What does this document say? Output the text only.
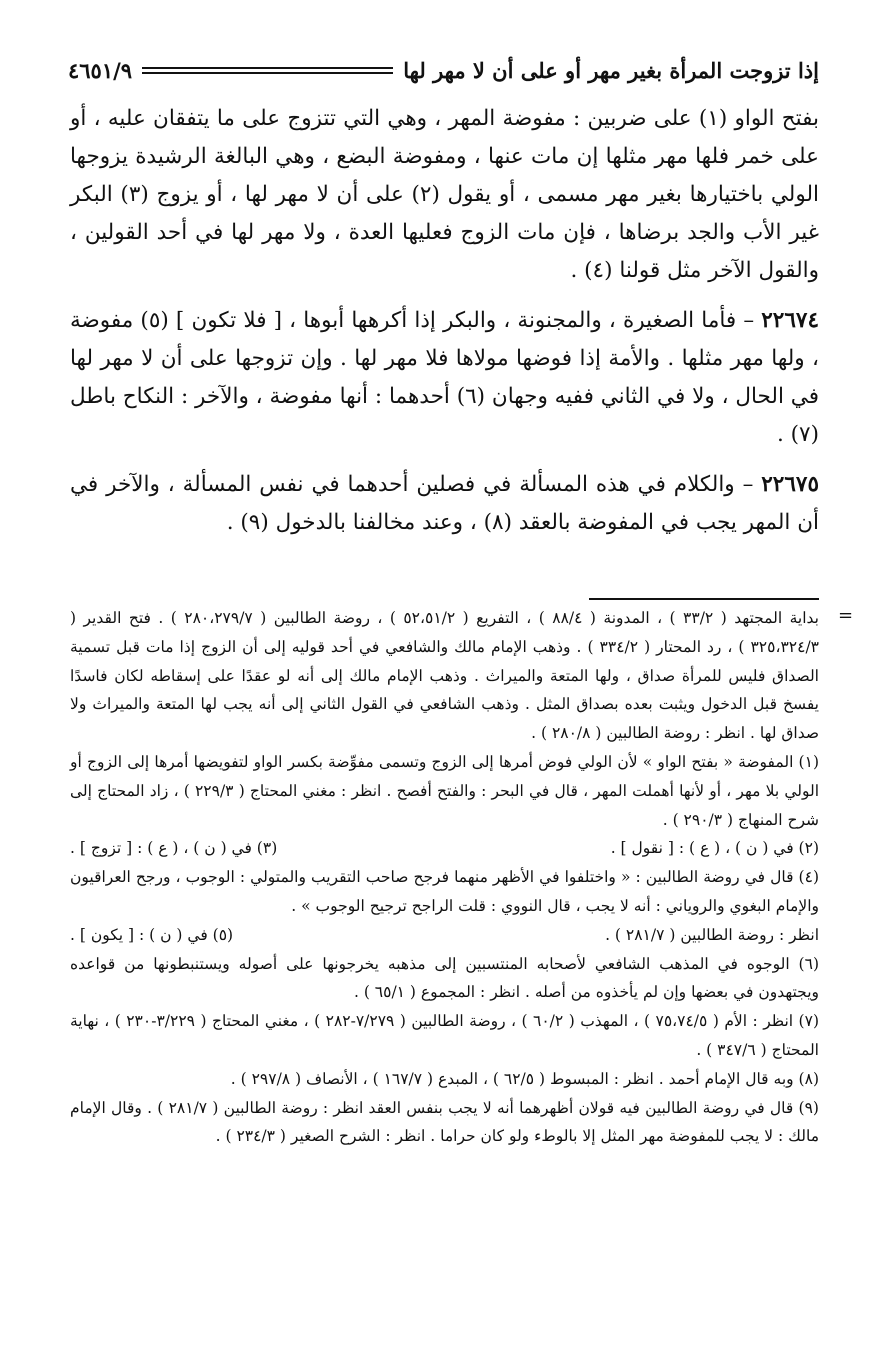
إذا تزوجت المرأة بغير مهر أو على أن لا مهر لها
٤٦٥١/٩

بفتح الواو (١) على ضربين : مفوضة المهر ، وهي التي تتزوج على ما يتفقان عليه ، أو على خمر فلها مهر مثلها إن مات عنها ، ومفوضة البضع ، وهي البالغة الرشيدة يزوجها الولي باختيارها بغير مهر مسمى ، أو يقول (٢) على أن لا مهر لها ، أو يزوج (٣) البكر غير الأب والجد برضاها ، فإن مات الزوج فعليها العدة ، ولا مهر لها في أحد القولين ، والقول الآخر مثل قولنا (٤) .

٢٢٦٧٤ – فأما الصغيرة ، والمجنونة ، والبكر إذا أكرهها أبوها ، [ فلا تكون ] (٥) مفوضة ، ولها مهر مثلها . والأمة إذا فوضها مولاها فلا مهر لها . وإن تزوجها على أن لا مهر لها في الحال ، ولا في الثاني ففيه وجهان (٦) أحدهما : أنها مفوضة ، والآخر : النكاح باطل (٧) .

٢٢٦٧٥ – والكلام في هذه المسألة في فصلين أحدهما في نفس المسألة ، والآخر في أن المهر يجب في المفوضة بالعقد (٨) ، وعند مخالفنا بالدخول (٩) .

=

بداية المجتهد ( ٣٣/٢ ) ، المدونة ( ٨٨/٤ ) ، التفريع ( ٥٢،٥١/٢ ) ، روضة الطالبين ( ٢٨٠،٢٧٩/٧ ) . فتح القدير ( ٣٢٥،٣٢٤/٣ ) ، رد المحتار ( ٣٣٤/٢ ) . وذهب الإمام مالك والشافعي في أحد قوليه إلى أن الزوج إذا مات قبل تسمية الصداق فليس للمرأة صداق ، ولها المتعة والميراث . وذهب الإمام مالك إلى أنه لو عقدًا على إسقاطه لكان فاسدًا يفسخ قبل الدخول ويثبت بعده بصداق المثل . وذهب الشافعي في القول الثاني إلى أنه يجب لها المتعة والميراث ولا صداق لها . انظر : روضة الطالبين ( ٢٨٠/٨ ) .

(١) المفوضة « بفتح الواو » لأن الولي فوض أمرها إلى الزوج وتسمى مفوِّضة بكسر الواو لتفويضها أمرها إلى الزوج أو الولي بلا مهر ، أو لأنها أهملت المهر ، قال في البحر : والفتح أفصح . انظر : مغني المحتاج ( ٢٢٩/٣ ) ، زاد المحتاج إلى شرح المنهاج ( ٢٩٠/٣ ) .

(٢) في ( ن ) ، ( ع ) : [ نقول ] .
(٣) في ( ن ) ، ( ع ) : [ تزوج ] .

(٤) قال في روضة الطالبين : « واختلفوا في الأظهر منهما فرجح صاحب التقريب والمتولي : الوجوب ، ورجح العراقيون والإمام البغوي والروياني : أنه لا يجب ، قال النووي : قلت الراجح ترجيح الوجوب » .

انظر : روضة الطالبين ( ٢٨١/٧ ) .
(٥) في ( ن ) : [ يكون ] .

(٦) الوجوه في المذهب الشافعي لأصحابه المنتسبين إلى مذهبه يخرجونها على أصوله ويستنبطونها من قواعده ويجتهدون في بعضها وإن لم يأخذوه من أصله . انظر : المجموع ( ٦٥/١ ) .

(٧) انظر : الأم ( ٧٥،٧٤/٥ ) ، المهذب ( ٦٠/٢ ) ، روضة الطالبين ( ٧/٢٧٩-٢٨٢ ) ، مغني المحتاج ( ٣/٢٢٩-٢٣٠ ) ، نهاية المحتاج ( ٣٤٧/٦ ) .

(٨) وبه قال الإمام أحمد . انظر : المبسوط ( ٦٢/٥ ) ، المبدع ( ١٦٧/٧ ) ، الأنصاف ( ٢٩٧/٨ ) .

(٩) قال في روضة الطالبين فيه قولان أظهرهما أنه لا يجب بنفس العقد انظر : روضة الطالبين ( ٢٨١/٧ ) . وقال الإمام مالك : لا يجب للمفوضة مهر المثل إلا بالوطء ولو كان حراما . انظر : الشرح الصغير ( ٢٣٤/٣ ) .
